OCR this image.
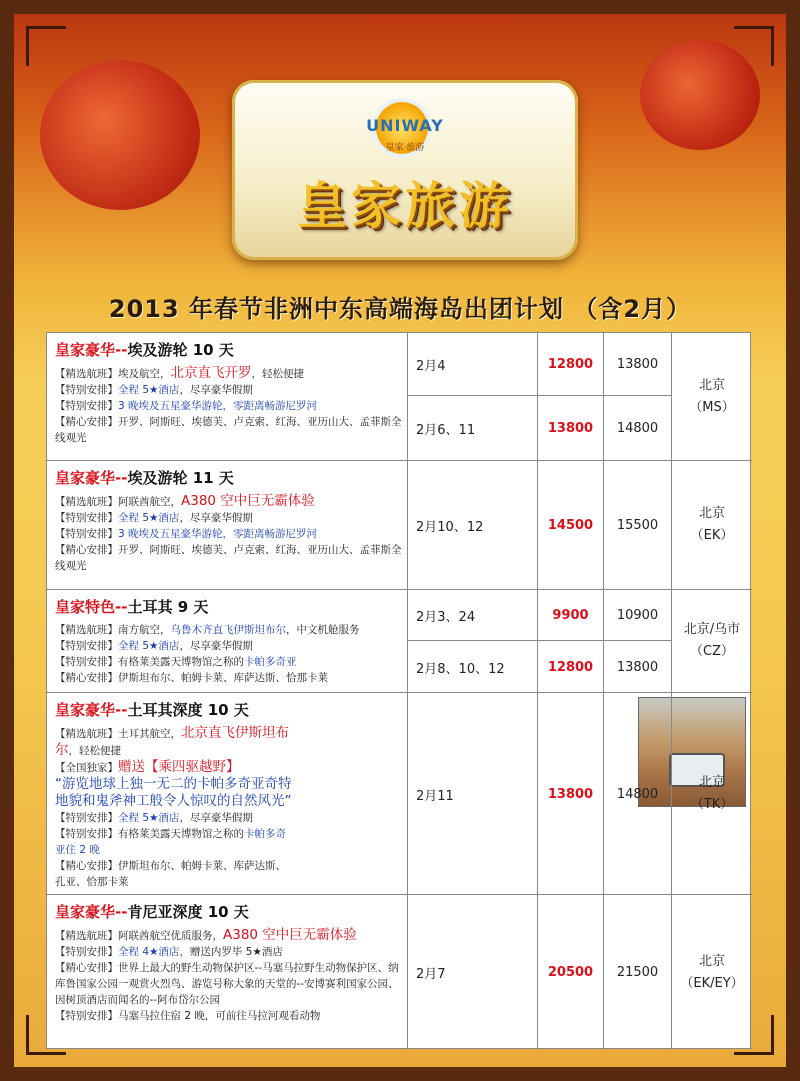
UNIWAY
皇家·旅游
皇家旅游
2013 年春节非洲中东高端海岛出团计划 （含2月）
皇家豪华--埃及游轮 10 天
【精选航班】埃及航空，北京直飞开罗，轻松便捷
【特别安排】全程 5★酒店，尽享豪华假期
【特别安排】3 晚埃及五星豪华游轮，零距离畅游尼罗河
【精心安排】开罗、阿斯旺、埃德芙、卢克索、红海、亚历山大、孟菲斯全线观光
2月4	12800	13800
2月6、11	13800	14800
北京
（MS）
皇家豪华--埃及游轮 11 天
【精选航班】阿联酋航空，A380 空中巨无霸体验
【特别安排】全程 5★酒店，尽享豪华假期
【特别安排】3 晚埃及五星豪华游轮，零距离畅游尼罗河
【精心安排】开罗、阿斯旺、埃德芙、卢克索、红海、亚历山大、孟菲斯全线观光
2月10、12	14500	15500
北京
（EK）
皇家特色--土耳其 9 天
【精选航班】南方航空，乌鲁木齐直飞伊斯坦布尔，中文机舱服务
【特别安排】全程 5★酒店，尽享豪华假期
【特别安排】有格莱美露天博物馆之称的卡帕多奇亚
【精心安排】伊斯坦布尔、帕姆卡莱、库萨达斯、恰那卡莱
2月3、24	9900	10900
2月8、10、12	12800	13800
北京/乌市
（CZ）
皇家豪华--土耳其深度 10 天
【精选航班】土耳其航空，北京直飞伊斯坦布尔，轻松便捷
【全国独家】赠送【乘四驱越野】
“游览地球上独一无二的卡帕多奇亚奇特地貌和鬼斧神工般令人惊叹的自然风光”
【特别安排】全程 5★酒店，尽享豪华假期
【特别安排】有格莱美露天博物馆之称的卡帕多奇亚住 2 晚
【精心安排】伊斯坦布尔、帕姆卡莱、库萨达斯、孔亚、恰那卡莱
2月11	13800	14800
北京
（TK）
皇家豪华--肯尼亚深度 10 天
【精选航班】阿联酋航空优质服务，A380 空中巨无霸体验
【特别安排】全程 4★酒店，赠送内罗毕 5★酒店
【精心安排】世界上最大的野生动物保护区--马塞马拉野生动物保护区、纳库鲁国家公园一观赏火烈鸟、游览号称大象的天堂的--安博赛利国家公园、因树顶酒店而闻名的--阿布岱尔公园
【特别安排】马塞马拉住宿 2 晚，可前往马拉河观看动物
2月7	20500	21500
北京
（EK/EY）
